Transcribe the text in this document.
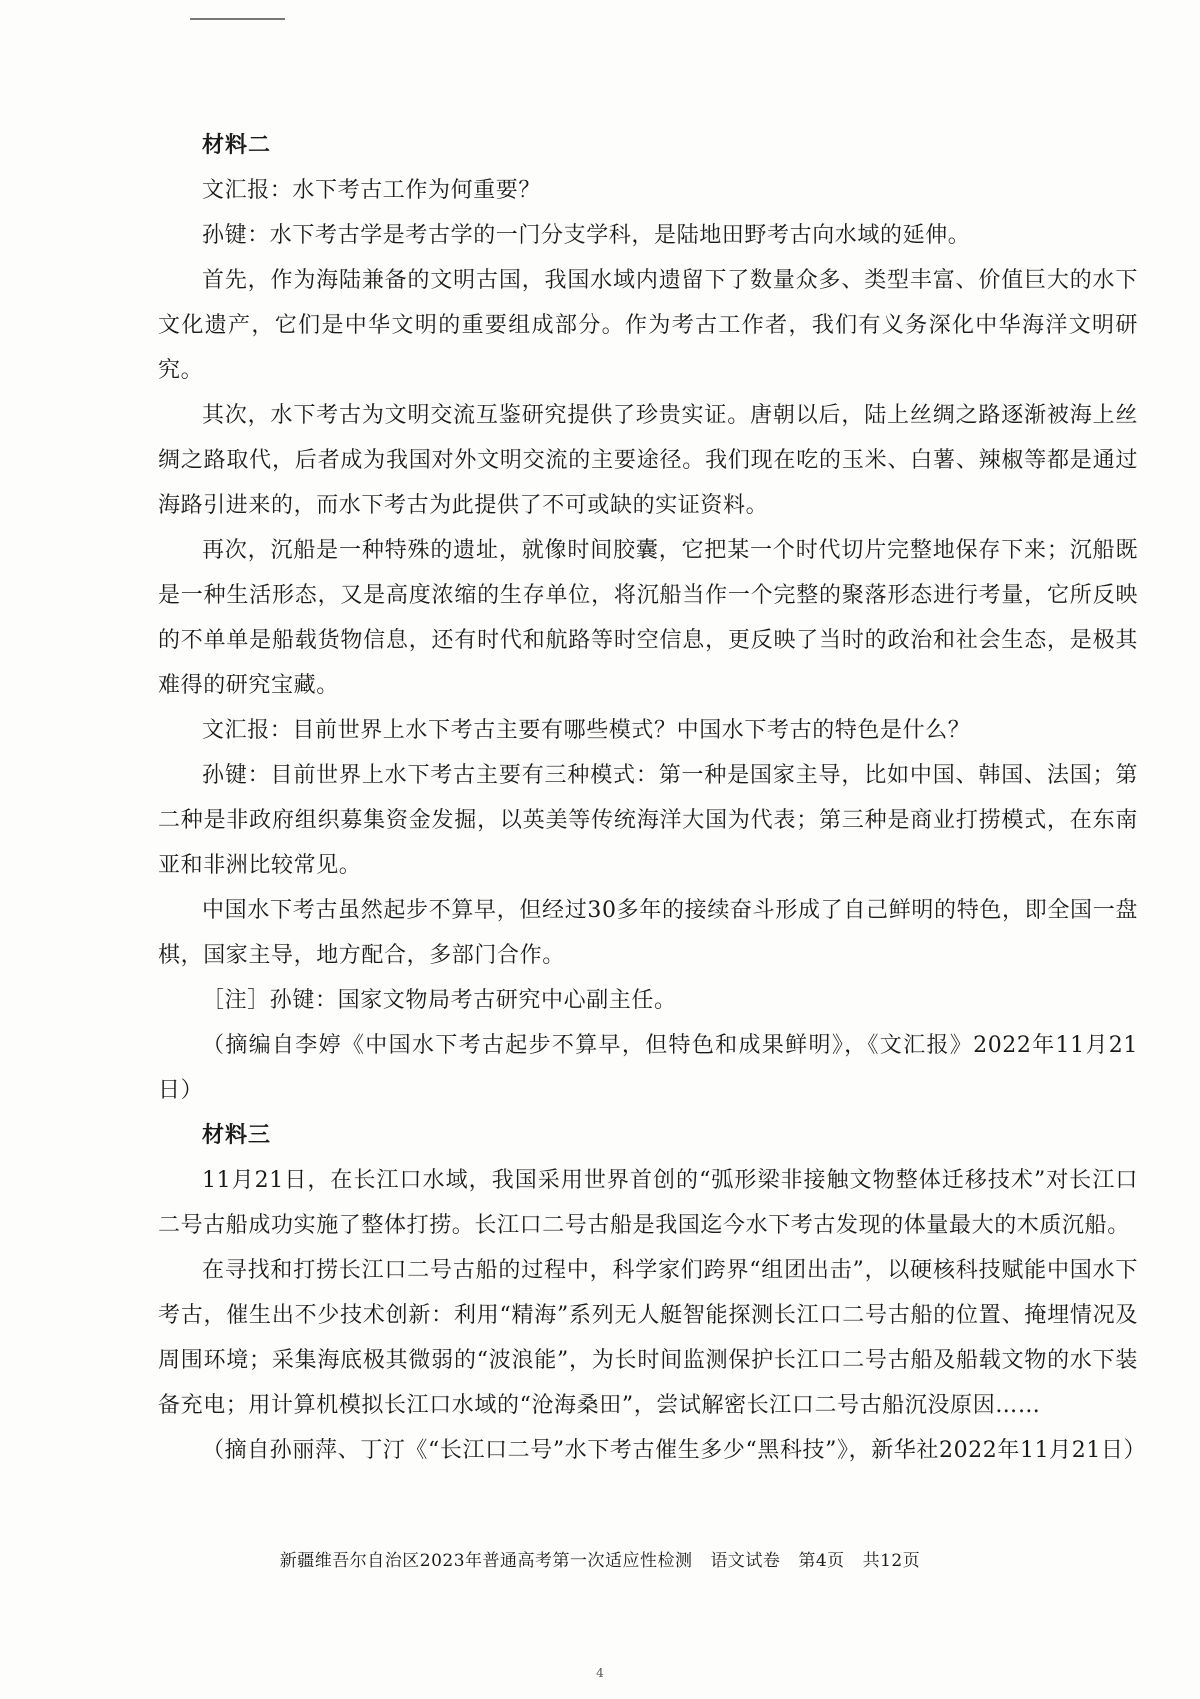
材料二

文汇报：水下考古工作为何重要？

孙键：水下考古学是考古学的一门分支学科，是陆地田野考古向水域的延伸。

首先，作为海陆兼备的文明古国，我国水域内遗留下了数量众多、类型丰富、价值巨大的水下文化遗产，它们是中华文明的重要组成部分。作为考古工作者，我们有义务深化中华海洋文明研究。

其次，水下考古为文明交流互鉴研究提供了珍贵实证。唐朝以后，陆上丝绸之路逐渐被海上丝绸之路取代，后者成为我国对外文明交流的主要途径。我们现在吃的玉米、白薯、辣椒等都是通过海路引进来的，而水下考古为此提供了不可或缺的实证资料。

再次，沉船是一种特殊的遗址，就像时间胶囊，它把某一个时代切片完整地保存下来；沉船既是一种生活形态，又是高度浓缩的生存单位，将沉船当作一个完整的聚落形态进行考量，它所反映的不单单是船载货物信息，还有时代和航路等时空信息，更反映了当时的政治和社会生态，是极其难得的研究宝藏。

文汇报：目前世界上水下考古主要有哪些模式？中国水下考古的特色是什么？

孙键：目前世界上水下考古主要有三种模式：第一种是国家主导，比如中国、韩国、法国；第二种是非政府组织募集资金发掘，以英美等传统海洋大国为代表；第三种是商业打捞模式，在东南亚和非洲比较常见。

中国水下考古虽然起步不算早，但经过30多年的接续奋斗形成了自己鲜明的特色，即全国一盘棋，国家主导，地方配合，多部门合作。

［注］孙键：国家文物局考古研究中心副主任。

（摘编自李婷《中国水下考古起步不算早，但特色和成果鲜明》，《文汇报》2022年11月21日）

材料三

11月21日，在长江口水域，我国采用世界首创的“弧形梁非接触文物整体迁移技术”对长江口二号古船成功实施了整体打捞。长江口二号古船是我国迄今水下考古发现的体量最大的木质沉船。

在寻找和打捞长江口二号古船的过程中，科学家们跨界“组团出击”，以硬核科技赋能中国水下考古，催生出不少技术创新：利用“精海”系列无人艇智能探测长江口二号古船的位置、掩埋情况及周围环境；采集海底极其微弱的“波浪能”，为长时间监测保护长江口二号古船及船载文物的水下装备充电；用计算机模拟长江口水域的“沧海桑田”，尝试解密长江口二号古船沉没原因……

（摘自孙丽萍、丁汀《“长江口二号”水下考古催生多少“黑科技”》，新华社2022年11月21日）

新疆维吾尔自治区2023年普通高考第一次适应性检测 语文试卷 第4页 共12页
4
